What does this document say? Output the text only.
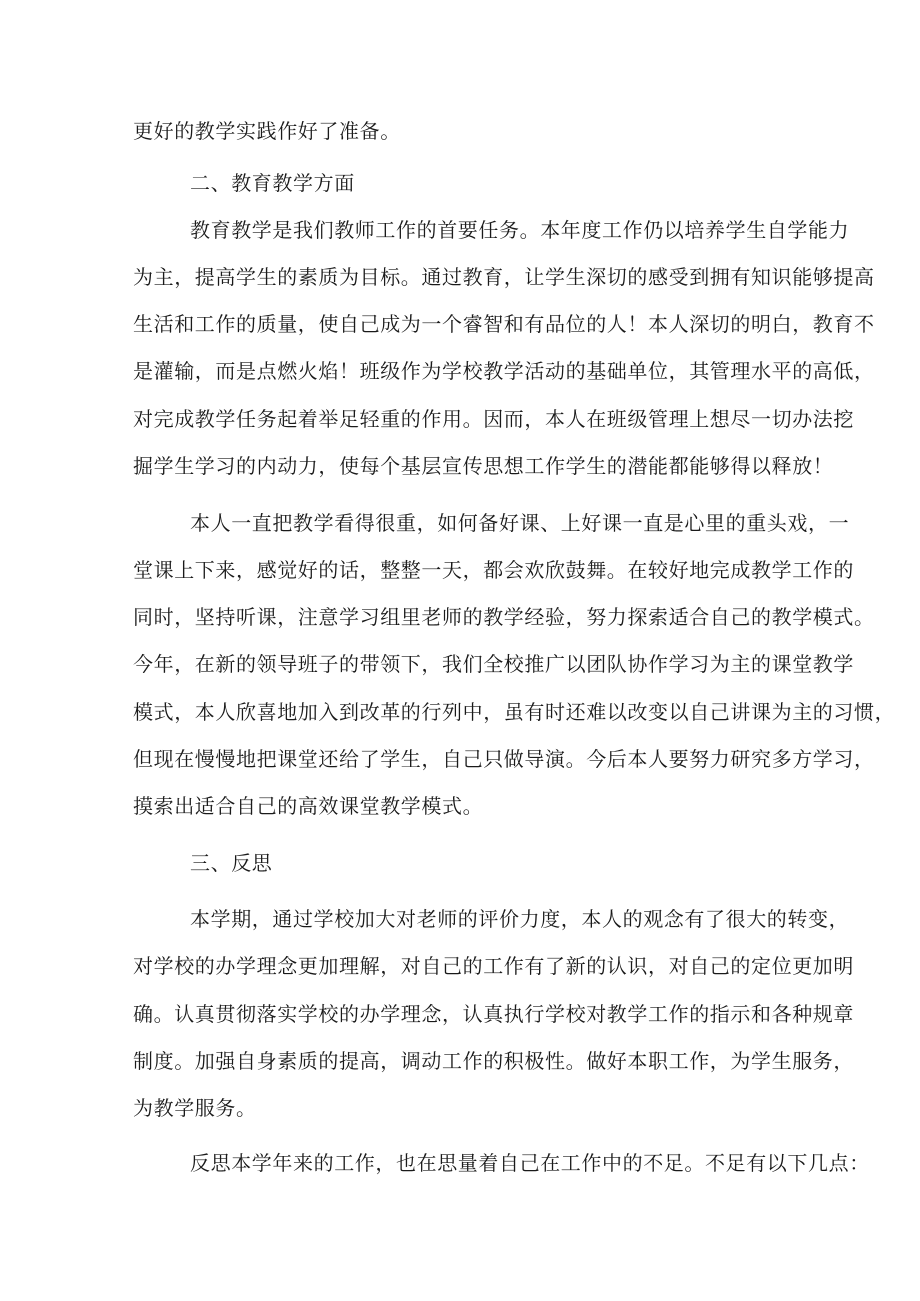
更好的教学实践作好了准备。
二、教育教学方面
教育教学是我们教师工作的首要任务。本年度工作仍以培养学生自学能力
为主，提高学生的素质为目标。通过教育，让学生深切的感受到拥有知识能够提高
生活和工作的质量，使自己成为一个睿智和有品位的人！本人深切的明白，教育不
是灌输，而是点燃火焰！班级作为学校教学活动的基础单位，其管理水平的高低，
对完成教学任务起着举足轻重的作用。因而，本人在班级管理上想尽一切办法挖
掘学生学习的内动力，使每个基层宣传思想工作学生的潜能都能够得以释放！
本人一直把教学看得很重，如何备好课、上好课一直是心里的重头戏，一
堂课上下来，感觉好的话，整整一天，都会欢欣鼓舞。在较好地完成教学工作的
同时，坚持听课，注意学习组里老师的教学经验，努力探索适合自己的教学模式。
今年，在新的领导班子的带领下，我们全校推广以团队协作学习为主的课堂教学
模式，本人欣喜地加入到改革的行列中，虽有时还难以改变以自己讲课为主的习惯，
但现在慢慢地把课堂还给了学生，自己只做导演。今后本人要努力研究多方学习，
摸索出适合自己的高效课堂教学模式。
三、反思
本学期，通过学校加大对老师的评价力度，本人的观念有了很大的转变，
对学校的办学理念更加理解，对自己的工作有了新的认识，对自己的定位更加明
确。认真贯彻落实学校的办学理念，认真执行学校对教学工作的指示和各种规章
制度。加强自身素质的提高，调动工作的积极性。做好本职工作，为学生服务，
为教学服务。
反思本学年来的工作，也在思量着自己在工作中的不足。不足有以下几点：
